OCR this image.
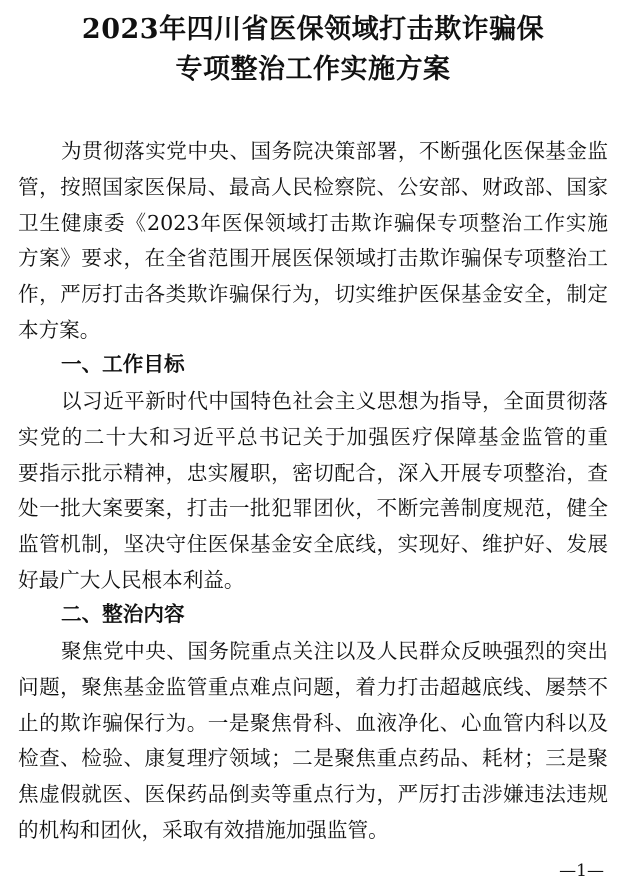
2023年四川省医保领域打击欺诈骗保
专项整治工作实施方案
为贯彻落实党中央、国务院决策部署，不断强化医保基金监
管，按照国家医保局、最高人民检察院、公安部、财政部、国家
卫生健康委《2023年医保领域打击欺诈骗保专项整治工作实施
方案》要求，在全省范围开展医保领域打击欺诈骗保专项整治工
作，严厉打击各类欺诈骗保行为，切实维护医保基金安全，制定
本方案。
一、工作目标
以习近平新时代中国特色社会主义思想为指导，全面贯彻落
实党的二十大和习近平总书记关于加强医疗保障基金监管的重
要指示批示精神，忠实履职，密切配合，深入开展专项整治，查
处一批大案要案，打击一批犯罪团伙，不断完善制度规范，健全
监管机制，坚决守住医保基金安全底线，实现好、维护好、发展
好最广大人民根本利益。
二、整治内容
聚焦党中央、国务院重点关注以及人民群众反映强烈的突出
问题，聚焦基金监管重点难点问题，着力打击超越底线、屡禁不
止的欺诈骗保行为。一是聚焦骨科、血液净化、心血管内科以及
检查、检验、康复理疗领域；二是聚焦重点药品、耗材；三是聚
焦虚假就医、医保药品倒卖等重点行为，严厉打击涉嫌违法违规
的机构和团伙，采取有效措施加强监管。
—1—
